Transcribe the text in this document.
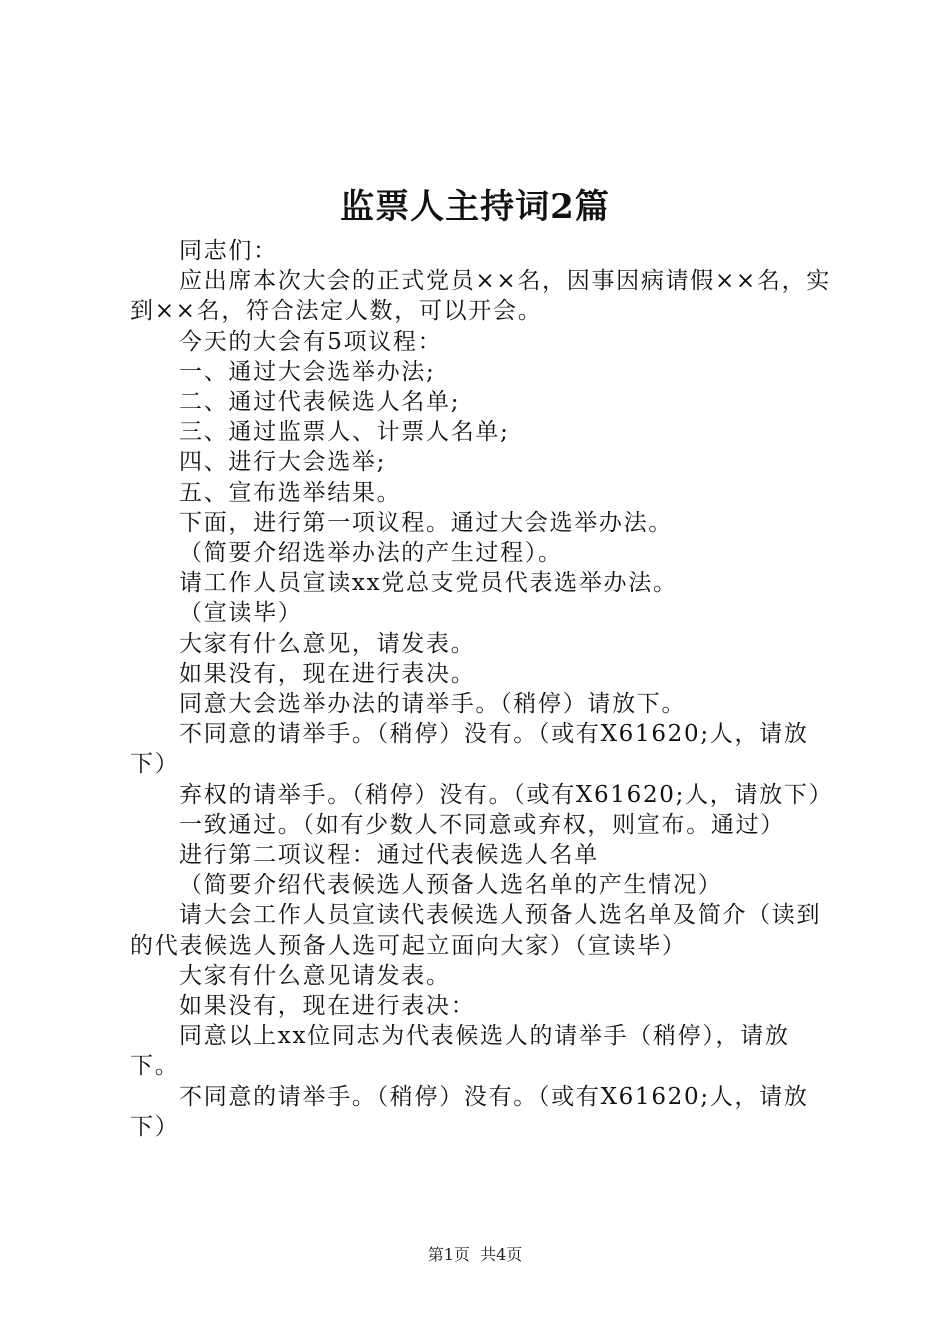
监票人主持词2篇

同志们：

应出席本次大会的正式党员××名，因事因病请假××名，实到××名，符合法定人数，可以开会。

今天的大会有5项议程：

一、通过大会选举办法;

二、通过代表候选人名单;

三、通过监票人、计票人名单;

四、进行大会选举;

五、宣布选举结果。

下面，进行第一项议程。通过大会选举办法。

（简要介绍选举办法的产生过程）。

请工作人员宣读xx党总支党员代表选举办法。

（宣读毕）

大家有什么意见，请发表。

如果没有，现在进行表决。

同意大会选举办法的请举手。（稍停）请放下。

不同意的请举手。（稍停）没有。（或有X61620;人，请放下）

弃权的请举手。（稍停）没有。（或有X61620;人，请放下）

一致通过。（如有少数人不同意或弃权，则宣布。通过）

进行第二项议程：通过代表候选人名单

（简要介绍代表候选人预备人选名单的产生情况）

请大会工作人员宣读代表候选人预备人选名单及简介（读到的代表候选人预备人选可起立面向大家）（宣读毕）

大家有什么意见请发表。

如果没有，现在进行表决：

同意以上xx位同志为代表候选人的请举手（稍停），请放下。

不同意的请举手。（稍停）没有。（或有X61620;人，请放下）

第1页  共4页
